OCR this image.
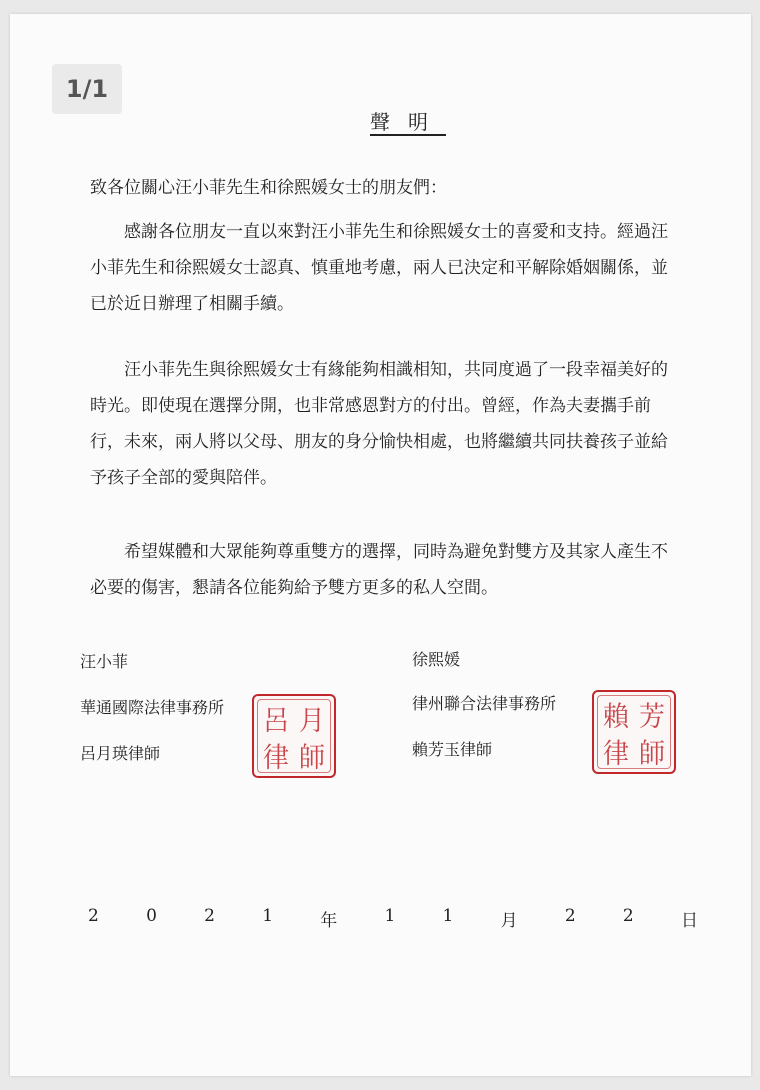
1/1
聲明
致各位關心汪小菲先生和徐熙媛女士的朋友們：
感謝各位朋友一直以來對汪小菲先生和徐熙媛女士的喜愛和支持。經過汪
小菲先生和徐熙媛女士認真、慎重地考慮，兩人已決定和平解除婚姻關係，並
已於近日辦理了相關手續。
汪小菲先生與徐熙媛女士有緣能夠相識相知，共同度過了一段幸福美好的
時光。即使現在選擇分開，也非常感恩對方的付出。曾經，作為夫妻攜手前
行，未來，兩人將以父母、朋友的身分愉快相處，也將繼續共同扶養孩子並給
予孩子全部的愛與陪伴。
希望媒體和大眾能夠尊重雙方的選擇，同時為避免對雙方及其家人產生不
必要的傷害，懇請各位能夠給予雙方更多的私人空間。
汪小菲
華通國際法律事務所
呂月瑛律師
呂 月
律 師
徐熙媛
律州聯合法律事務所
賴芳玉律師
賴 芳
律 師
2	0	2	1	年	1	1	月	2	2	日
